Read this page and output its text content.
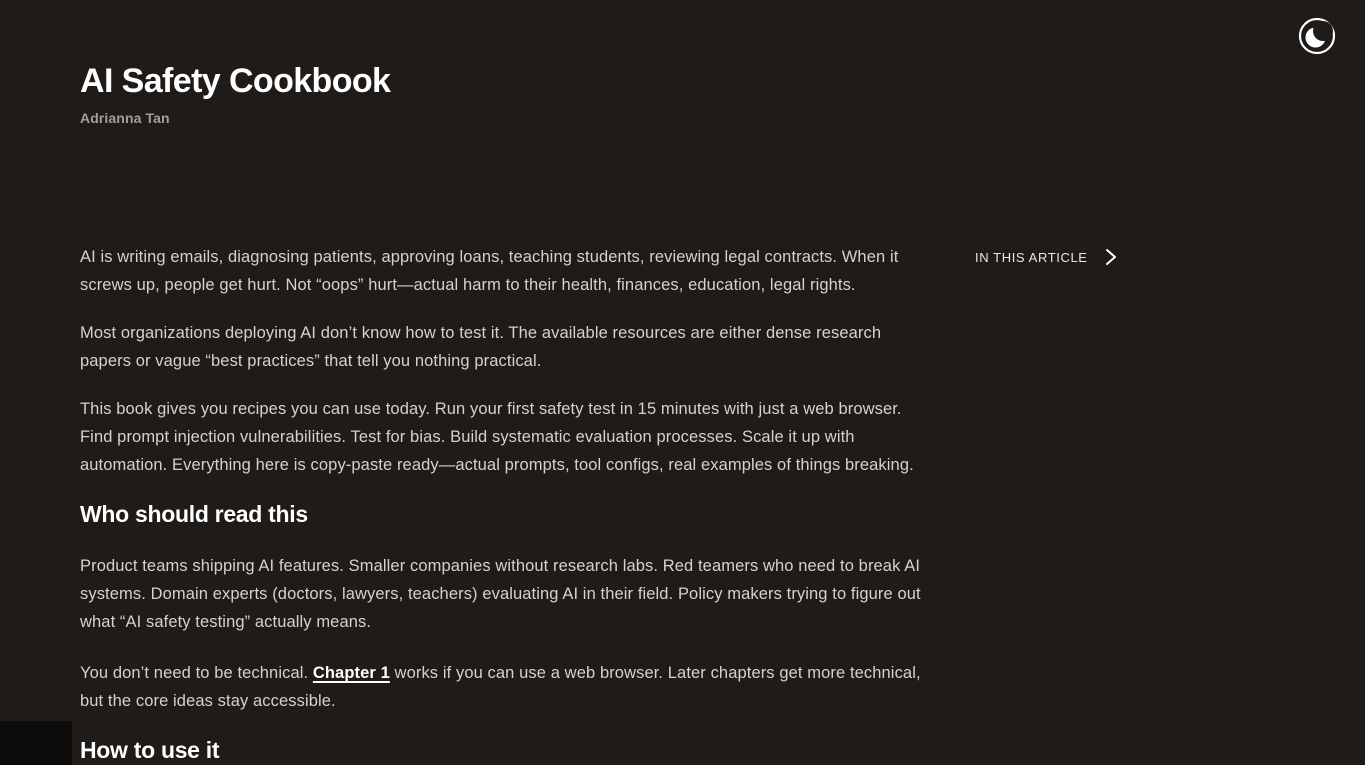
AI Safety Cookbook
Adrianna Tan

AI is writing emails, diagnosing patients, approving loans, teaching students, reviewing legal contracts. When it screws up, people get hurt. Not “oops” hurt—actual harm to their health, finances, education, legal rights.

Most organizations deploying AI don’t know how to test it. The available resources are either dense research papers or vague “best practices” that tell you nothing practical.

This book gives you recipes you can use today. Run your first safety test in 15 minutes with just a web browser. Find prompt injection vulnerabilities. Test for bias. Build systematic evaluation processes. Scale it up with automation. Everything here is copy-paste ready—actual prompts, tool configs, real examples of things breaking.

Who should read this

Product teams shipping AI features. Smaller companies without research labs. Red teamers who need to break AI systems. Domain experts (doctors, lawyers, teachers) evaluating AI in their field. Policy makers trying to figure out what “AI safety testing” actually means.

You don’t need to be technical. Chapter 1 works if you can use a web browser. Later chapters get more technical, but the core ideas stay accessible.

How to use it
IN THIS ARTICLE
